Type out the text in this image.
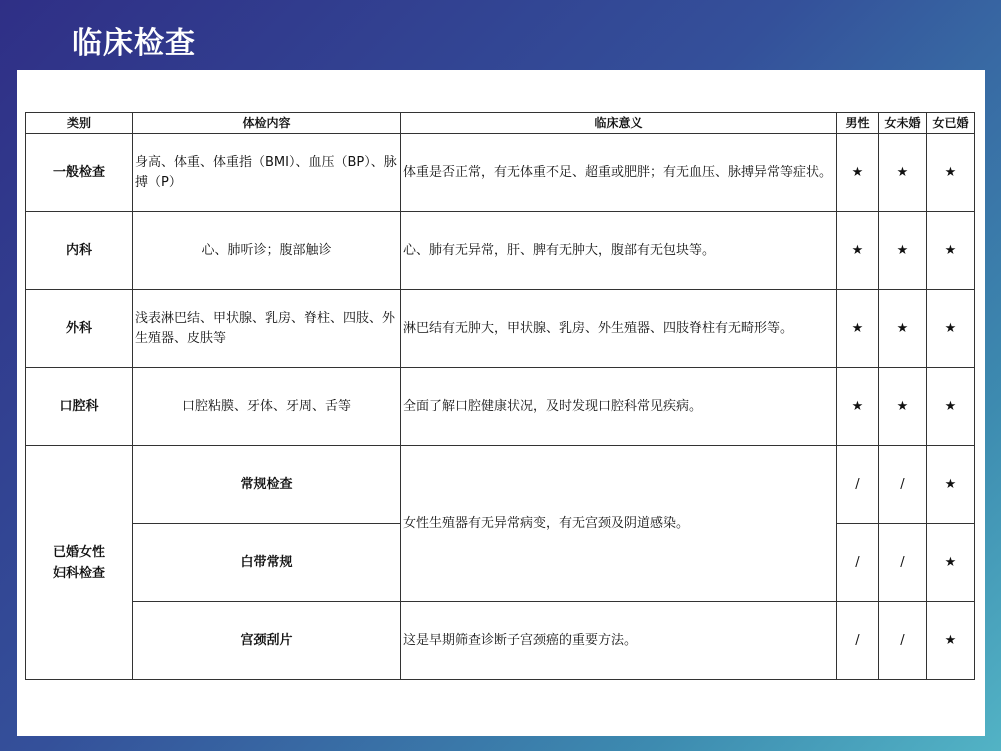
临床检查
类别	体检内容	临床意义	男性	女未婚	女已婚
一般检查	身高、体重、体重指（BMI）、血压（BP）、脉搏（P）	体重是否正常，有无体重不足、超重或肥胖；有无血压、脉搏异常等症状。	★	★	★
内科	心、肺听诊；腹部触诊	心、肺有无异常，肝、脾有无肿大，腹部有无包块等。	★	★	★
外科	浅表淋巴结、甲状腺、乳房、脊柱、四肢、外生殖器、皮肤等	淋巴结有无肿大，甲状腺、乳房、外生殖器、四肢脊柱有无畸形等。	★	★	★
口腔科	口腔粘膜、牙体、牙周、舌等	全面了解口腔健康状况，及时发现口腔科常见疾病。	★	★	★

已婚女性妇科检查	常规检查	女性生殖器有无异常病变，有无宫颈及阴道感染。	/	/	★
	白带常规		/	/	★
	宫颈刮片	这是早期筛查诊断子宫颈癌的重要方法。	/	/	★
